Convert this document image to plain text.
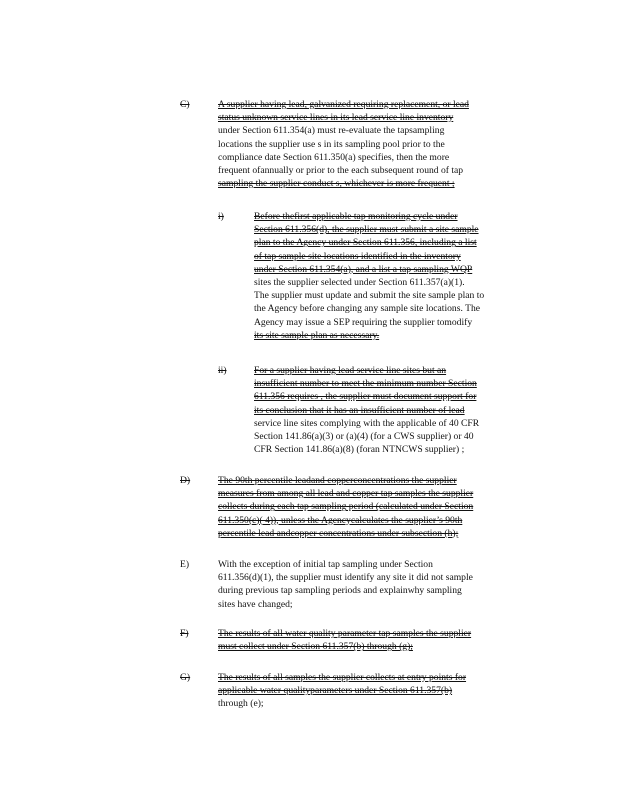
C)	A supplier having lead, galvanized requiring replacement, or lead
status unknown service lines in its lead service line inventory
under Section 611.354(a) must re-evaluate the tapsampling
locations the supplier use s in its sampling pool prior to the
compliance date Section 611.350(a) specifies, then the more
frequent ofannually or prior to the each subsequent round of tap
sampling the supplier conduct s, whichever is more frequent ;
i)	Before thefirst applicable tap monitoring cycle under
Section 611.356(d), the supplier must submit a site sample
plan to the Agency under Section 611.356, including a list
of tap sample site locations identified in the inventory
under Section 611.354(a), and a list a tap sampling WQP
sites the supplier selected under Section 611.357(a)(1).
The supplier must update and submit the site sample plan to
the Agency before changing any sample site locations. The
Agency may issue a SEP requiring the supplier tomodify
its site sample plan as necessary.
ii)	For a supplier having lead service line sites but an
insufficient number to meet the minimum number Section
611.356 requires , the supplier must document support for
its conclusion that it has an insufficient number of lead
service line sites complying with the applicable of 40 CFR
Section 141.86(a)(3) or (a)(4) (for a CWS supplier) or 40
CFR Section 141.86(a)(8) (foran NTNCWS supplier) ;
D)	The 90th percentile leadand copperconcentrations the supplier
measures from among all lead and copper tap samples the supplier
collects during each tap sampling period (calculated under Section
611.350(c)( 4)), unless the Agencycalculates the supplier’s 90th
percentile lead andcopper concentrations under subsection (h);
E)	With the exception of initial tap sampling under Section
611.356(d)(1), the supplier must identify any site it did not sample
during previous tap sampling periods and explainwhy sampling
sites have changed;
F)	The results of all water quality parameter tap samples the supplier
must collect under Section 611.357(b) through (g);
G)	The results of all samples the supplier collects at entry points for
applicable water qualityparameters under Section 611.357(b)
through (e);
